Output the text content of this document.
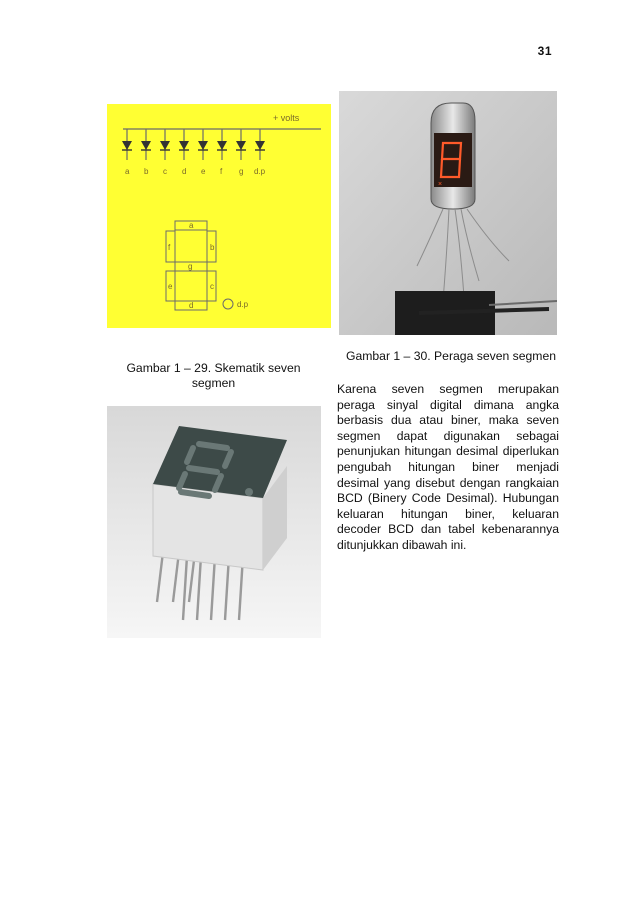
31
+ volts
a b c d e f g d.p
a
b
c
d
e
f
g
d.p
×
Gambar 1 – 29. Skematik seven segmen
Gambar 1 – 30. Peraga seven segmen
Karena seven segmen merupakan peraga sinyal digital dimana angka berbasis dua atau biner, maka seven segmen dapat digunakan sebagai penunjukan hitungan desimal diperlukan pengubah hitungan biner menjadi desimal yang disebut dengan rangkaian BCD (Binery Code Desimal). Hubungan keluaran hitungan biner, keluaran decoder BCD dan tabel kebenarannya ditunjukkan dibawah ini.
